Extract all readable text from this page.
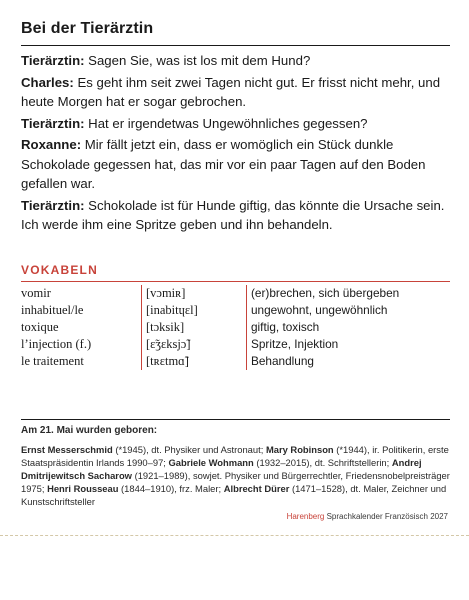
Bei der Tierärztin

Tierärztin: Sagen Sie, was ist los mit dem Hund?

Charles: Es geht ihm seit zwei Tagen nicht gut. Er frisst nicht mehr, und heute Morgen hat er sogar gebrochen.

Tierärztin: Hat er irgendetwas Ungewöhnliches gegessen?

Roxanne: Mir fällt jetzt ein, dass er womöglich ein Stück dunkle Schokolade gegessen hat, das mir vor ein paar Tagen auf den Boden gefallen war.

Tierärztin: Schokolade ist für Hunde giftig, das könnte die Ursache sein. Ich werde ihm eine Spritze geben und ihn behandeln.

VOKABELN
vomir	[vɔmiʀ]	(er)brechen, sich übergeben
inhabituel/le	[inabitɥɛl]	ungewohnt, ungewöhnlich
toxique	[tɔksik]	giftig, toxisch
l’injection (f.)	[ɛ̃ʒɛksjɔ̃]	Spritze, Injektion
le traitement	[tʀɛtmɑ̃]	Behandlung
Am 21. Mai wurden geboren:
Ernst Messerschmid (*1945), dt. Physiker und Astronaut; Mary Robinson (*1944), ir. Politikerin, erste Staatspräsidentin Irlands 1990–97; Gabriele Wohmann (1932–2015), dt. Schriftstellerin; Andrej Dmitrijewitsch Sacharow (1921–1989), sowjet. Physiker und Bürgerrechtler, Friedensnobelpreisträger 1975; Henri Rousseau (1844–1910), frz. Maler; Albrecht Dürer (1471–1528), dt. Maler, Zeichner und Kunstschriftsteller
Harenberg Sprachkalender Französisch 2027
